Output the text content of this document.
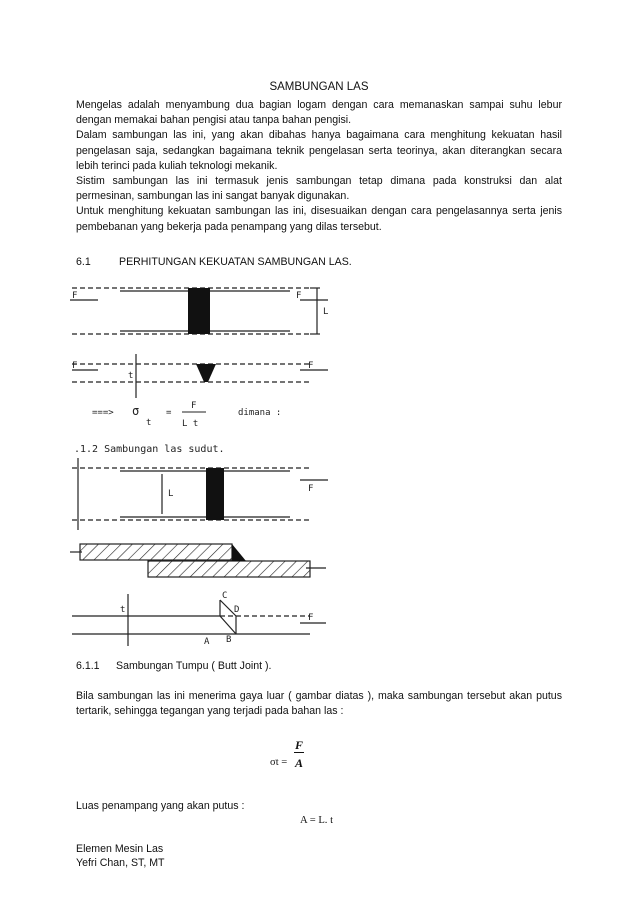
SAMBUNGAN LAS

Mengelas adalah menyambung dua bagian logam dengan cara memanaskan sampai suhu lebur dengan memakai bahan pengisi atau tanpa bahan pengisi.

Dalam sambungan las ini, yang akan dibahas hanya bagaimana cara menghitung kekuatan hasil pengelasan saja, sedangkan bagaimana teknik pengelasan serta teorinya, akan diterangkan secara lebih terinci pada kuliah teknologi mekanik.

Sistim sambungan las ini termasuk jenis sambungan tetap dimana pada konstruksi dan alat permesinan, sambungan las ini sangat banyak digunakan.

Untuk menghitung kekuatan sambungan las ini, disesuaikan dengan cara pengelasannya serta jenis pembebanan yang bekerja pada penampang yang dilas tersebut.

6.1	PERHITUNGAN KEKUATAN SAMBUNGAN LAS.
F	F
L
F	F
t
===> σ
t
=
F
L t
dimana :
.1.2 Sambungan las sudut.
L	F
t
C
D
A B
F
6.1.1 Sambungan Tumpu ( Butt Joint ).
Bila sambungan las ini menerima gaya luar ( gambar diatas ), maka sambungan tersebut akan putus tertarik, sehingga tegangan yang terjadi pada bahan las :
σt =
F
A
Luas penampang yang akan putus :
A = L. t
Elemen Mesin Las
Yefri Chan, ST, MT
